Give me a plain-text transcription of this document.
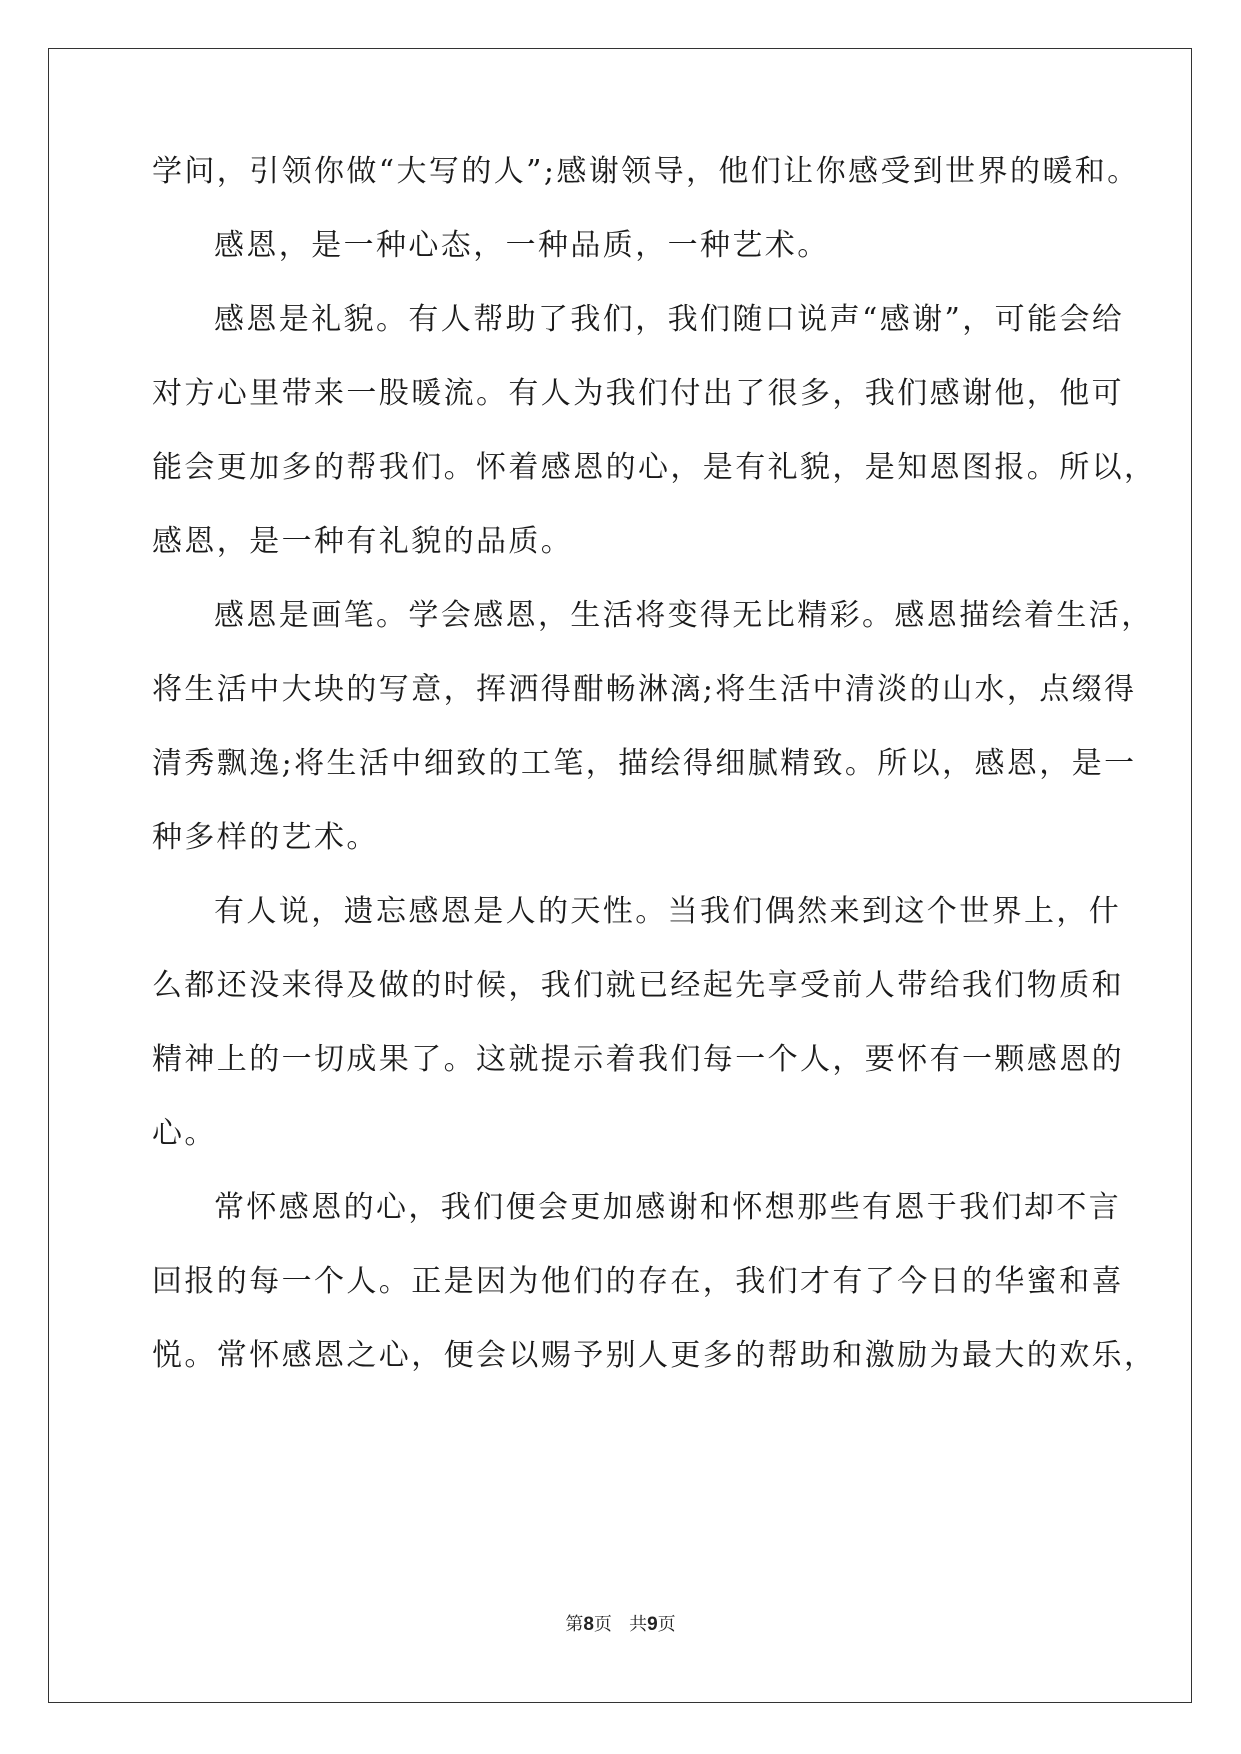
学问，引领你做“大写的人”;感谢领导，他们让你感受到世界的暖和。
感恩，是一种心态，一种品质，一种艺术。
感恩是礼貌。有人帮助了我们，我们随口说声“感谢”，可能会给
对方心里带来一股暖流。有人为我们付出了很多，我们感谢他，他可
能会更加多的帮我们。怀着感恩的心，是有礼貌，是知恩图报。所以，
感恩，是一种有礼貌的品质。
感恩是画笔。学会感恩，生活将变得无比精彩。感恩描绘着生活，
将生活中大块的写意，挥洒得酣畅淋漓;将生活中清淡的山水，点缀得
清秀飘逸;将生活中细致的工笔，描绘得细腻精致。所以，感恩，是一
种多样的艺术。
有人说，遗忘感恩是人的天性。当我们偶然来到这个世界上，什
么都还没来得及做的时候，我们就已经起先享受前人带给我们物质和
精神上的一切成果了。这就提示着我们每一个人，要怀有一颗感恩的
心。
常怀感恩的心，我们便会更加感谢和怀想那些有恩于我们却不言
回报的每一个人。正是因为他们的存在，我们才有了今日的华蜜和喜
悦。常怀感恩之心，便会以赐予别人更多的帮助和激励为最大的欢乐，
第8页 共9页
